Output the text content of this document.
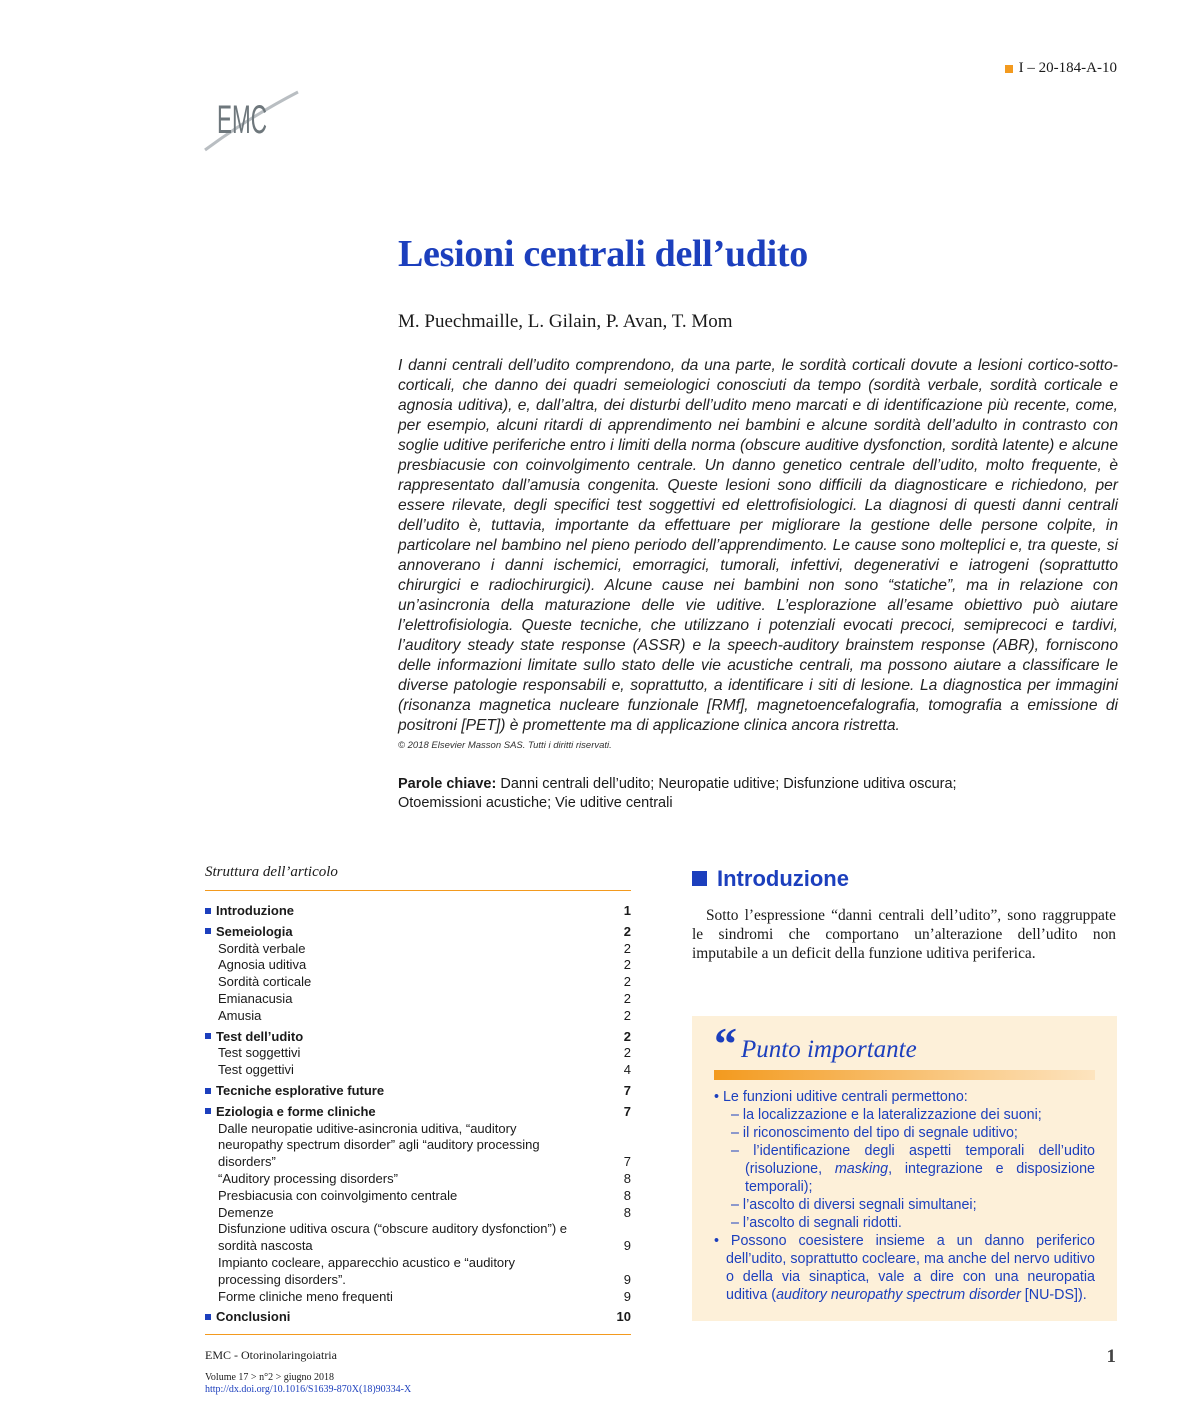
I – 20-184-A-10
EMC
Lesioni centrali dell’udito
M. Puechmaille, L. Gilain, P. Avan, T. Mom
I danni centrali dell’udito comprendono, da una parte, le sordità corticali dovute a lesioni cortico-sotto-corticali, che danno dei quadri semeiologici conosciuti da tempo (sordità verbale, sordità corticale e agnosia uditiva), e, dall’altra, dei disturbi dell’udito meno marcati e di identificazione più recente, come, per esempio, alcuni ritardi di apprendimento nei bambini e alcune sordità dell’adulto in contrasto con soglie uditive periferiche entro i limiti della norma (obscure auditive dysfonction, sordità latente) e alcune presbiacusie con coinvolgimento centrale. Un danno genetico centrale dell’udito, molto frequente, è rappresentato dall’amusia congenita. Queste lesioni sono difficili da diagnosticare e richiedono, per essere rilevate, degli specifici test soggettivi ed elettrofisiologici. La diagnosi di questi danni centrali dell’udito è, tuttavia, importante da effettuare per migliorare la gestione delle persone colpite, in particolare nel bambino nel pieno periodo dell’apprendimento. Le cause sono molteplici e, tra queste, si annoverano i danni ischemici, emorragici, tumorali, infettivi, degenerativi e iatrogeni (soprattutto chirurgici e radiochirurgici). Alcune cause nei bambini non sono “statiche”, ma in relazione con un’asincronia della maturazione delle vie uditive. L’esplorazione all’esame obiettivo può aiutare l’elettrofisiologia. Queste tecniche, che utilizzano i potenziali evocati precoci, semiprecoci e tardivi, l’auditory steady state response (ASSR) e la speech-auditory brainstem response (ABR), forniscono delle informazioni limitate sullo stato delle vie acustiche centrali, ma possono aiutare a classificare le diverse patologie responsabili e, soprattutto, a identificare i siti di lesione. La diagnostica per immagini (risonanza magnetica nucleare funzionale [RMf], magnetoencefalografia, tomografia a emissione di positroni [PET]) è promettente ma di applicazione clinica ancora ristretta.
© 2018 Elsevier Masson SAS. Tutti i diritti riservati.
Parole chiave: Danni centrali dell’udito; Neuropatie uditive; Disfunzione uditiva oscura; Otoemissioni acustiche; Vie uditive centrali
Struttura dell’articolo
Introduzione	1
Semeiologia	2
Sordità verbale	2
Agnosia uditiva	2
Sordità corticale	2
Emianacusia	2
Amusia	2
Test dell’udito	2
Test soggettivi	2
Test oggettivi	4
Tecniche esplorative future	7
Eziologia e forme cliniche	7
Dalle neuropatie uditive-asincronia uditiva, “auditory neuropathy spectrum disorder” agli “auditory processing disorders”	7
“Auditory processing disorders”	8
Presbiacusia con coinvolgimento centrale	8
Demenze	8
Disfunzione uditiva oscura (“obscure auditory dysfonction”) e sordità nascosta	9
Impianto cocleare, apparecchio acustico e “auditory processing disorders”.	9
Forme cliniche meno frequenti	9
Conclusioni	10
Introduzione
Sotto l’espressione “danni centrali dell’udito”, sono raggruppate le sindromi che comportano un’alterazione dell’udito non imputabile a un deficit della funzione uditiva periferica.
“ Punto importante
• Le funzioni uditive centrali permettono:
– la localizzazione e la lateralizzazione dei suoni;
– il riconoscimento del tipo di segnale uditivo;
– l’identificazione degli aspetti temporali dell’udito (risoluzione, masking, integrazione e disposizione temporali);
– l’ascolto di diversi segnali simultanei;
– l’ascolto di segnali ridotti.
• Possono coesistere insieme a un danno periferico dell’udito, soprattutto cocleare, ma anche del nervo uditivo o della via sinaptica, vale a dire con una neuropatia uditiva (auditory neuropathy spectrum disorder [NU-DS]).
EMC - Otorinolaringoiatria
Volume 17 > n°2 > giugno 2018
http://dx.doi.org/10.1016/S1639-870X(18)90334-X
1
